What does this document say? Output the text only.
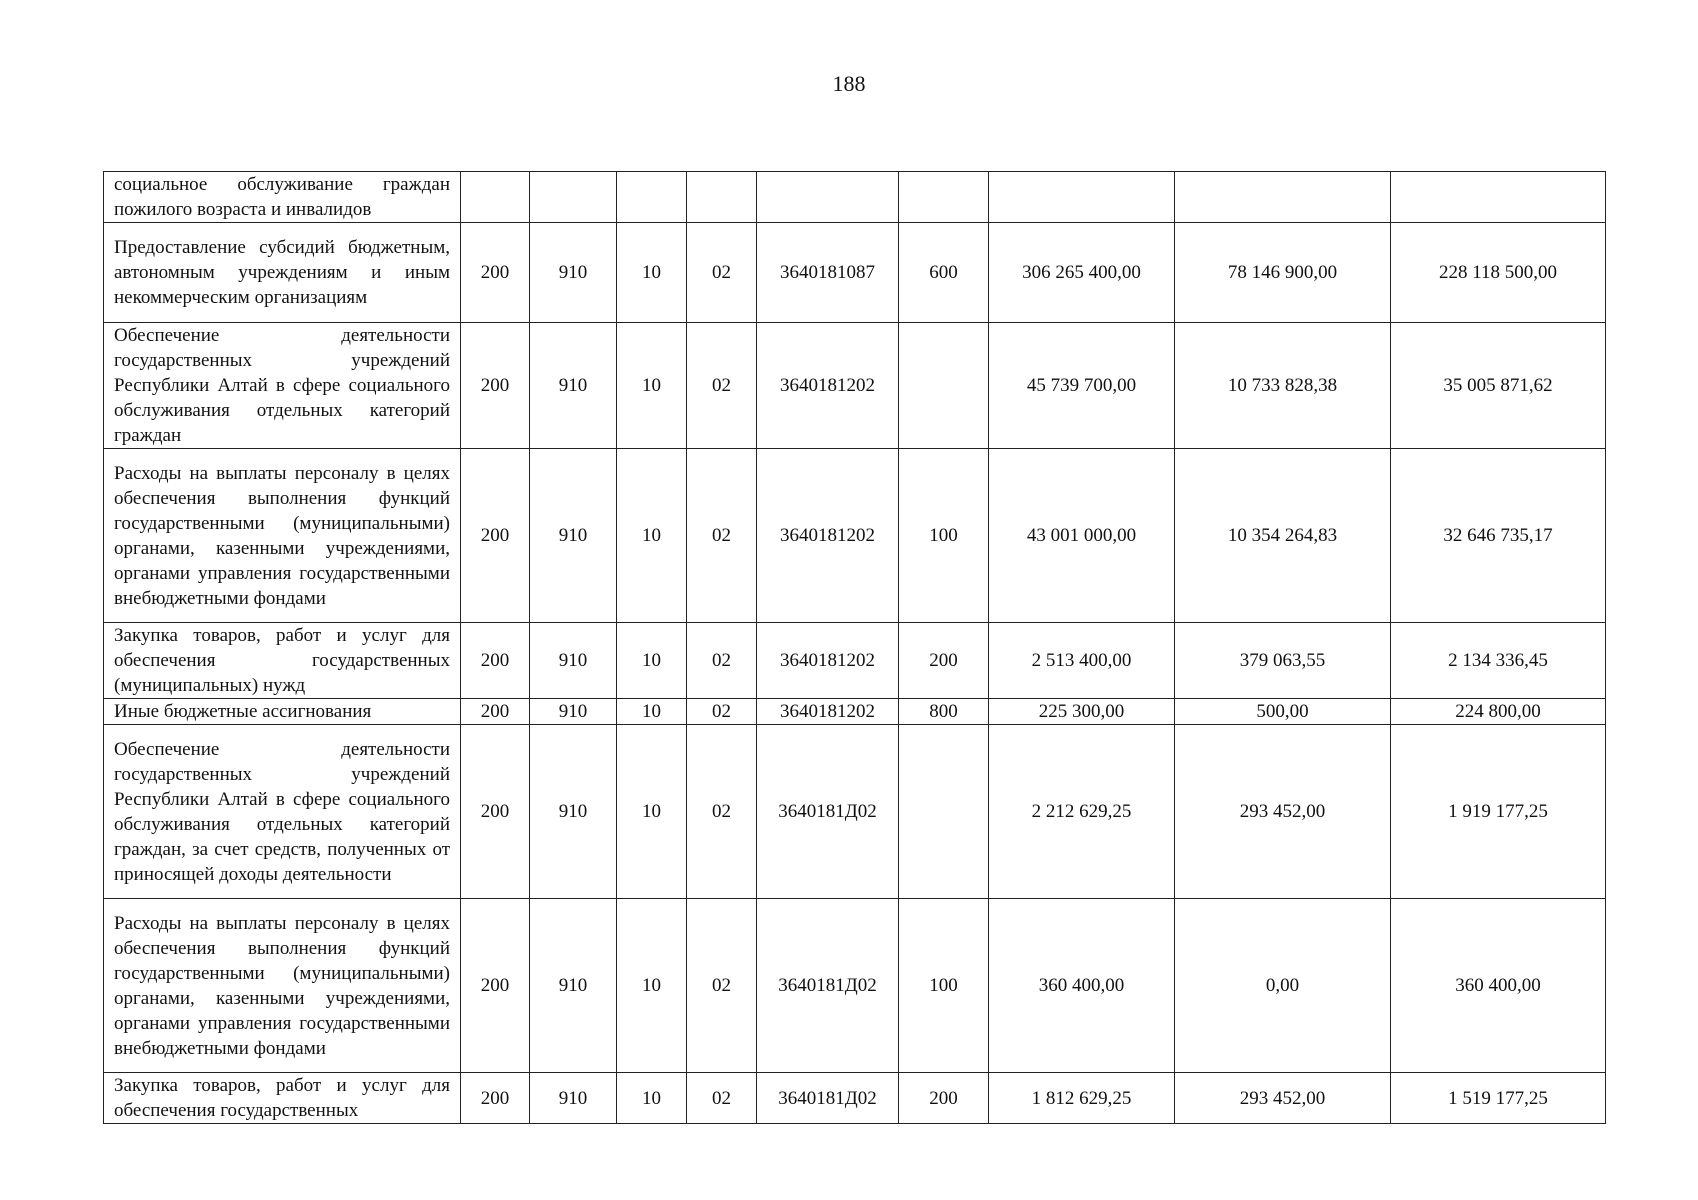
188
социальное обслуживание граждан пожилого возраста и инвалидов									
Предоставление субсидий бюджетным, автономным учреждениям и иным некоммерческим организациям	200	910	10	02	3640181087	600	306 265 400,00	78 146 900,00	228 118 500,00
Обеспечение деятельности государственных учреждений Республики Алтай в сфере социального обслуживания отдельных категорий граждан	200	910	10	02	3640181202		45 739 700,00	10 733 828,38	35 005 871,62
Расходы на выплаты персоналу в целях обеспечения выполнения функций государственными (муниципальными) органами, казенными учреждениями, органами управления государственными внебюджетными фондами	200	910	10	02	3640181202	100	43 001 000,00	10 354 264,83	32 646 735,17
Закупка товаров, работ и услуг для обеспечения государственных (муниципальных) нужд	200	910	10	02	3640181202	200	2 513 400,00	379 063,55	2 134 336,45
Иные бюджетные ассигнования	200	910	10	02	3640181202	800	225 300,00	500,00	224 800,00
Обеспечение деятельности государственных учреждений Республики Алтай в сфере социального обслуживания отдельных категорий граждан, за счет средств, полученных от приносящей доходы деятельности	200	910	10	02	3640181Д02		2 212 629,25	293 452,00	1 919 177,25
Расходы на выплаты персоналу в целях обеспечения выполнения функций государственными (муниципальными) органами, казенными учреждениями, органами управления государственными внебюджетными фондами	200	910	10	02	3640181Д02	100	360 400,00	0,00	360 400,00
Закупка товаров, работ и услуг для обеспечения государственных	200	910	10	02	3640181Д02	200	1 812 629,25	293 452,00	1 519 177,25
